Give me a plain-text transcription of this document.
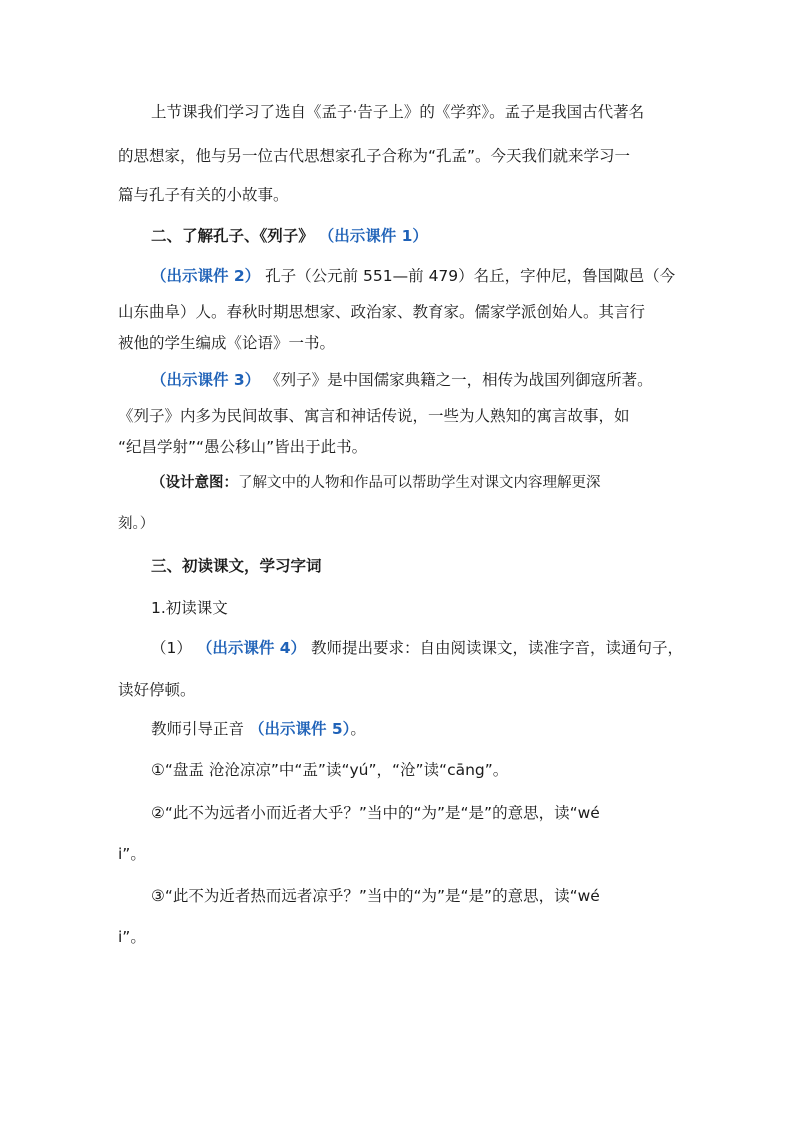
上节课我们学习了选自《孟子·告子上》的《学弈》。孟子是我国古代著名
的思想家，他与另一位古代思想家孔子合称为“孔孟”。今天我们就来学习一
篇与孔子有关的小故事。
二、了解孔子、《列子》 （出示课件 1）
（出示课件 2） 孔子（公元前 551—前 479）名丘，字仲尼，鲁国陬邑（今
山东曲阜）人。春秋时期思想家、政治家、教育家。儒家学派创始人。其言行
被他的学生编成《论语》一书。
（出示课件 3） 《列子》是中国儒家典籍之一，相传为战国列御寇所著。
《列子》内多为民间故事、寓言和神话传说，一些为人熟知的寓言故事，如
“纪昌学射”“愚公移山”皆出于此书。
（设计意图：了解文中的人物和作品可以帮助学生对课文内容理解更深
刻。）
三、初读课文，学习字词
1.初读课文
（1） （出示课件 4） 教师提出要求：自由阅读课文，读准字音，读通句子，
读好停顿。
教师引导正音 （出示课件 5）。
①“盘盂 沧沧凉凉”中“盂”读“yú”，“沧”读“cāng”。
②“此不为远者小而近者大乎？”当中的“为”是“是”的意思，读“wé
i”。
③“此不为近者热而远者凉乎？”当中的“为”是“是”的意思，读“wé
i”。
